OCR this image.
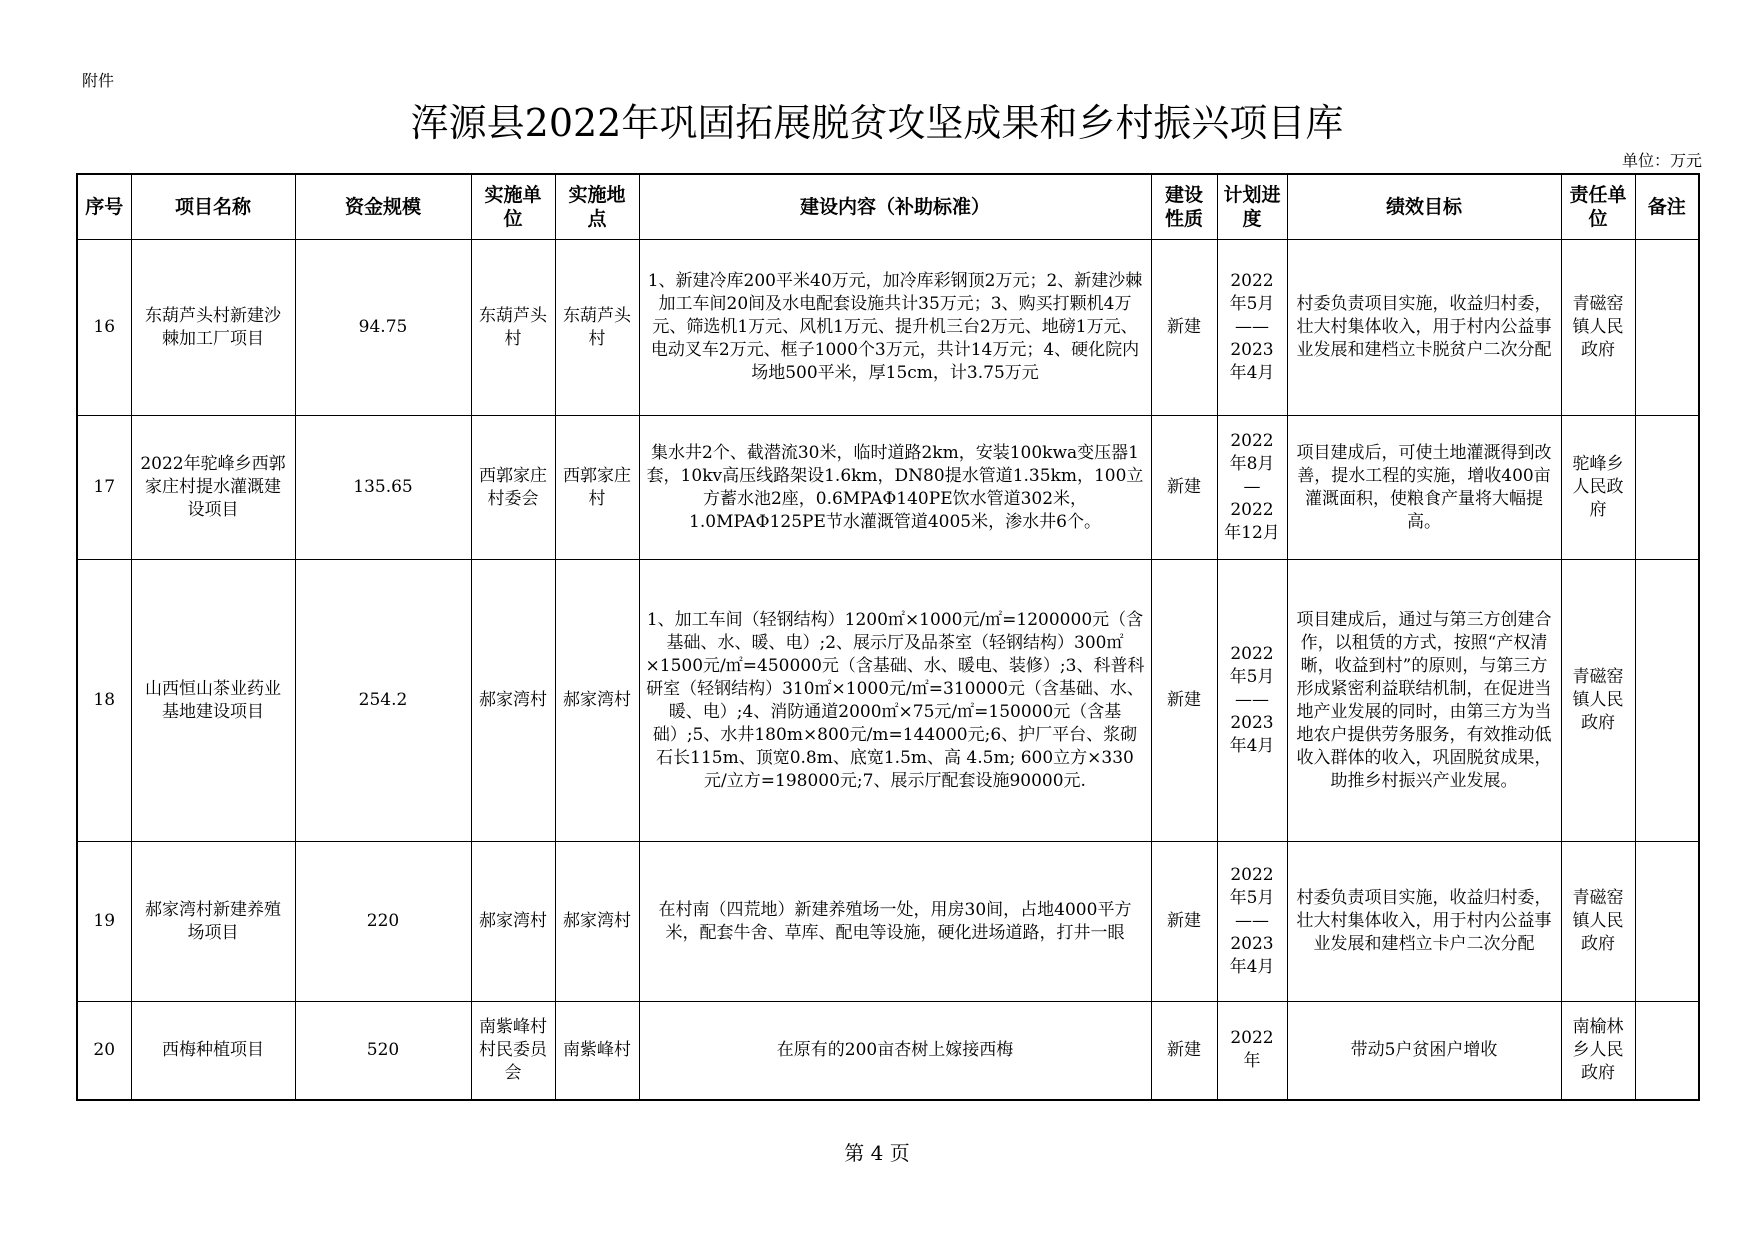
附件
浑源县2022年巩固拓展脱贫攻坚成果和乡村振兴项目库
单位：万元
序号	项目名称	资金规模	实施单位	实施地点	建设内容（补助标准）	建设性质	计划进度	绩效目标	责任单位	备注
16	东葫芦头村新建沙棘加工厂项目	94.75	东葫芦头村	东葫芦头村	1、新建冷库200平米40万元，加冷库彩钢顶2万元；2、新建沙棘加工车间20间及水电配套设施共计35万元；3、购买打颗机4万元、筛选机1万元、风机1万元、提升机三台2万元、地磅1万元、电动叉车2万元、框子1000个3万元，共计14万元；4、硬化院内场地500平米，厚15cm，计3.75万元	新建	2022年5月——2023年4月	村委负责项目实施，收益归村委，壮大村集体收入，用于村内公益事业发展和建档立卡脱贫户二次分配	青磁窑镇人民政府	
17	2022年驼峰乡西郭家庄村提水灌溉建设项目	135.65	西郭家庄村委会	西郭家庄村	集水井2个、截潜流30米，临时道路2km，安装100kwa变压器1套，10kv高压线路架设1.6km，DN80提水管道1.35km，100立方蓄水池2座，0.6MPAΦ140PE饮水管道302米，1.0MPAΦ125PE节水灌溉管道4005米，渗水井6个。	新建	2022年8月—2022年12月	项目建成后，可使土地灌溉得到改善，提水工程的实施，增收400亩灌溉面积，使粮食产量将大幅提高。	驼峰乡人民政府	
18	山西恒山茶业药业基地建设项目	254.2	郝家湾村	郝家湾村	1、加工车间（轻钢结构）1200㎡×1000元/㎡=1200000元（含基础、水、暖、电）;2、展示厅及品茶室（轻钢结构）300㎡×1500元/㎡=450000元（含基础、水、暖电、装修）;3、科普科研室（轻钢结构）310㎡×1000元/㎡=310000元（含基础、水、暖、电）;4、消防通道2000㎡×75元/㎡=150000元（含基础）;5、水井180m×800元/m=144000元;6、护厂平台、浆砌石长115m、顶宽0.8m、底宽1.5m、高 4.5m; 600立方×330元/立方=198000元;7、展示厅配套设施90000元.	新建	2022年5月——2023年4月	项目建成后，通过与第三方创建合作，以租赁的方式，按照“产权清晰，收益到村”的原则，与第三方形成紧密利益联结机制，在促进当地产业发展的同时，由第三方为当地农户提供劳务服务，有效推动低收入群体的收入，巩固脱贫成果，助推乡村振兴产业发展。	青磁窑镇人民政府	
19	郝家湾村新建养殖场项目	220	郝家湾村	郝家湾村	在村南（四荒地）新建养殖场一处，用房30间，占地4000平方米，配套牛舍、草库、配电等设施，硬化进场道路，打井一眼	新建	2022年5月——2023年4月	村委负责项目实施，收益归村委，壮大村集体收入，用于村内公益事业发展和建档立卡户二次分配	青磁窑镇人民政府	
20	西梅种植项目	520	南紫峰村村民委员会	南紫峰村	在原有的200亩杏树上嫁接西梅	新建	2022年	带动5户贫困户增收	南榆林乡人民政府	
第 4 页
